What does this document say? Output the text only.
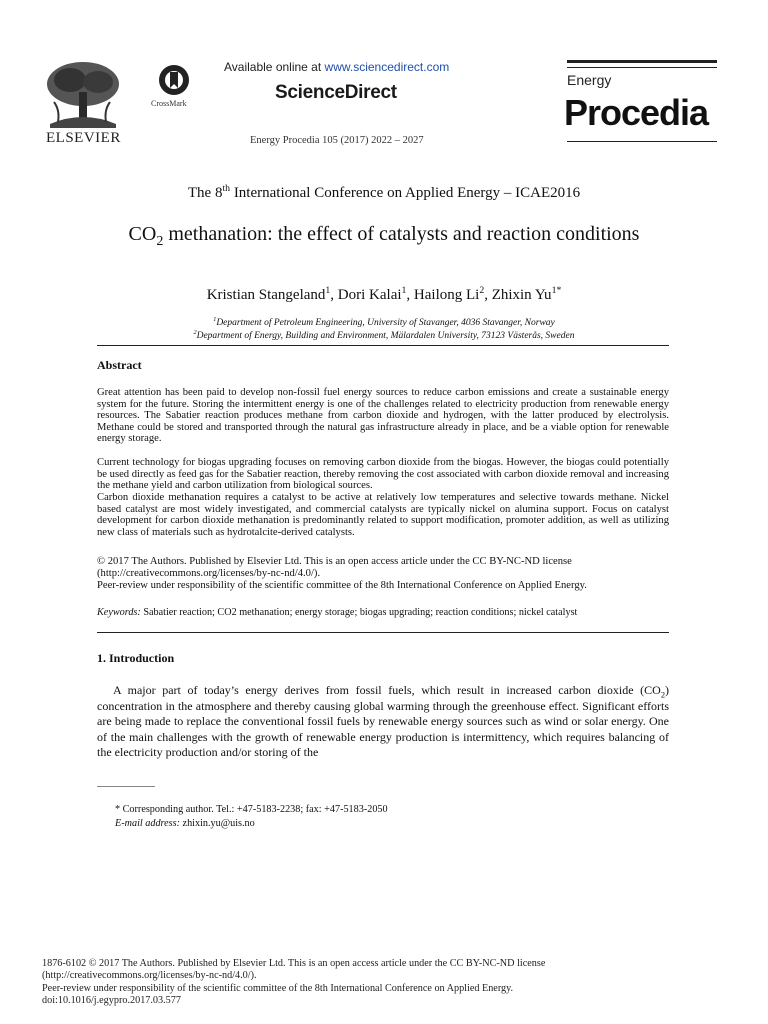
ELSEVIER
CrossMark
Available online at www.sciencedirect.com
ScienceDirect
Energy Procedia 105 (2017) 2022 – 2027
Energy
Procedia
The 8th International Conference on Applied Energy – ICAE2016
$CO_2$ methanation: the effect of catalysts and reaction conditions
Kristian Stangeland$^1$, Dori Kalai$^1$, Hailong Li$^2$, Zhixin $Yu^{1*}$
$^1$Department of Petroleum Engineering, University of Stavanger, 4036 Stavanger, Norway
$^2$Department of Energy, Building and Environment, Mälardalen University, 73123 Västerås, Sweden
Abstract
Great attention has been paid to develop non-fossil fuel energy sources to reduce carbon emissions and create a sustainable energy system for the future. Storing the intermittent energy is one of the challenges related to electricity production from renewable energy resources. The Sabatier reaction produces methane from carbon dioxide and hydrogen, with the latter produced by electrolysis. Methane could be stored and transported through the natural gas infrastructure already in place, and be a viable option for renewable energy storage.
Current technology for biogas upgrading focuses on removing carbon dioxide from the biogas. However, the biogas could potentially be used directly as feed gas for the Sabatier reaction, thereby removing the cost associated with carbon dioxide removal and increasing the methane yield and carbon utilization from biological sources.
Carbon dioxide methanation requires a catalyst to be active at relatively low temperatures and selective towards methane. Nickel based catalyst are most widely investigated, and commercial catalysts are typically nickel on alumina support. Focus on catalyst development for carbon dioxide methanation is predominantly related to support modification, promoter addition, as well as utilizing new class of materials such as hydrotalcite-derived catalysts.
© 2017 The Authors. Published by Elsevier Ltd. This is an open access article under the CC BY-NC-ND license
(http://creativecommons.org/licenses/by-nc-nd/4.0/).
Peer-review under responsibility of the scientific committee of the 8th International Conference on Applied Energy.
Keywords: Sabatier reaction; CO2 methanation; energy storage; biogas upgrading; reaction conditions; nickel catalyst
1. Introduction
A major part of today’s energy derives from fossil fuels, which result in increased carbon dioxide $(CO_2)$ concentration in the atmosphere and thereby causing global warming through the greenhouse effect. Significant efforts are being made to replace the conventional fossil fuels by renewable energy sources such as wind or solar energy. One of the main challenges with the growth of renewable energy production is intermittency, which requires balancing of the electricity production and/or storing of the
* Corresponding author. Tel.: +47-5183-2238; fax: +47-5183-2050
E-mail address: zhixin.yu@uis.no
1876-6102 © 2017 The Authors. Published by Elsevier Ltd. This is an open access article under the CC BY-NC-ND license
(http://creativecommons.org/licenses/by-nc-nd/4.0/).
Peer-review under responsibility of the scientific committee of the 8th International Conference on Applied Energy.
doi:10.1016/j.egypro.2017.03.577
